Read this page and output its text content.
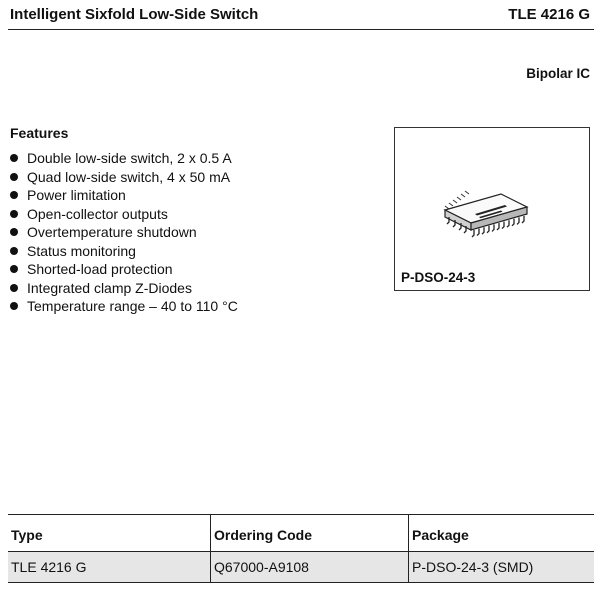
Intelligent Sixfold Low-Side Switch	TLE 4216 G
Bipolar IC
Features
Double low-side switch, 2 x 0.5 A
Quad low-side switch, 4 x 50 mA
Power limitation
Open-collector outputs
Overtemperature shutdown
Status monitoring
Shorted-load protection
Integrated clamp Z-Diodes
Temperature range – 40 to 110 °C
P-DSO-24-3
Type	Ordering Code	Package
TLE 4216 G	Q67000-A9108	P-DSO-24-3 (SMD)
